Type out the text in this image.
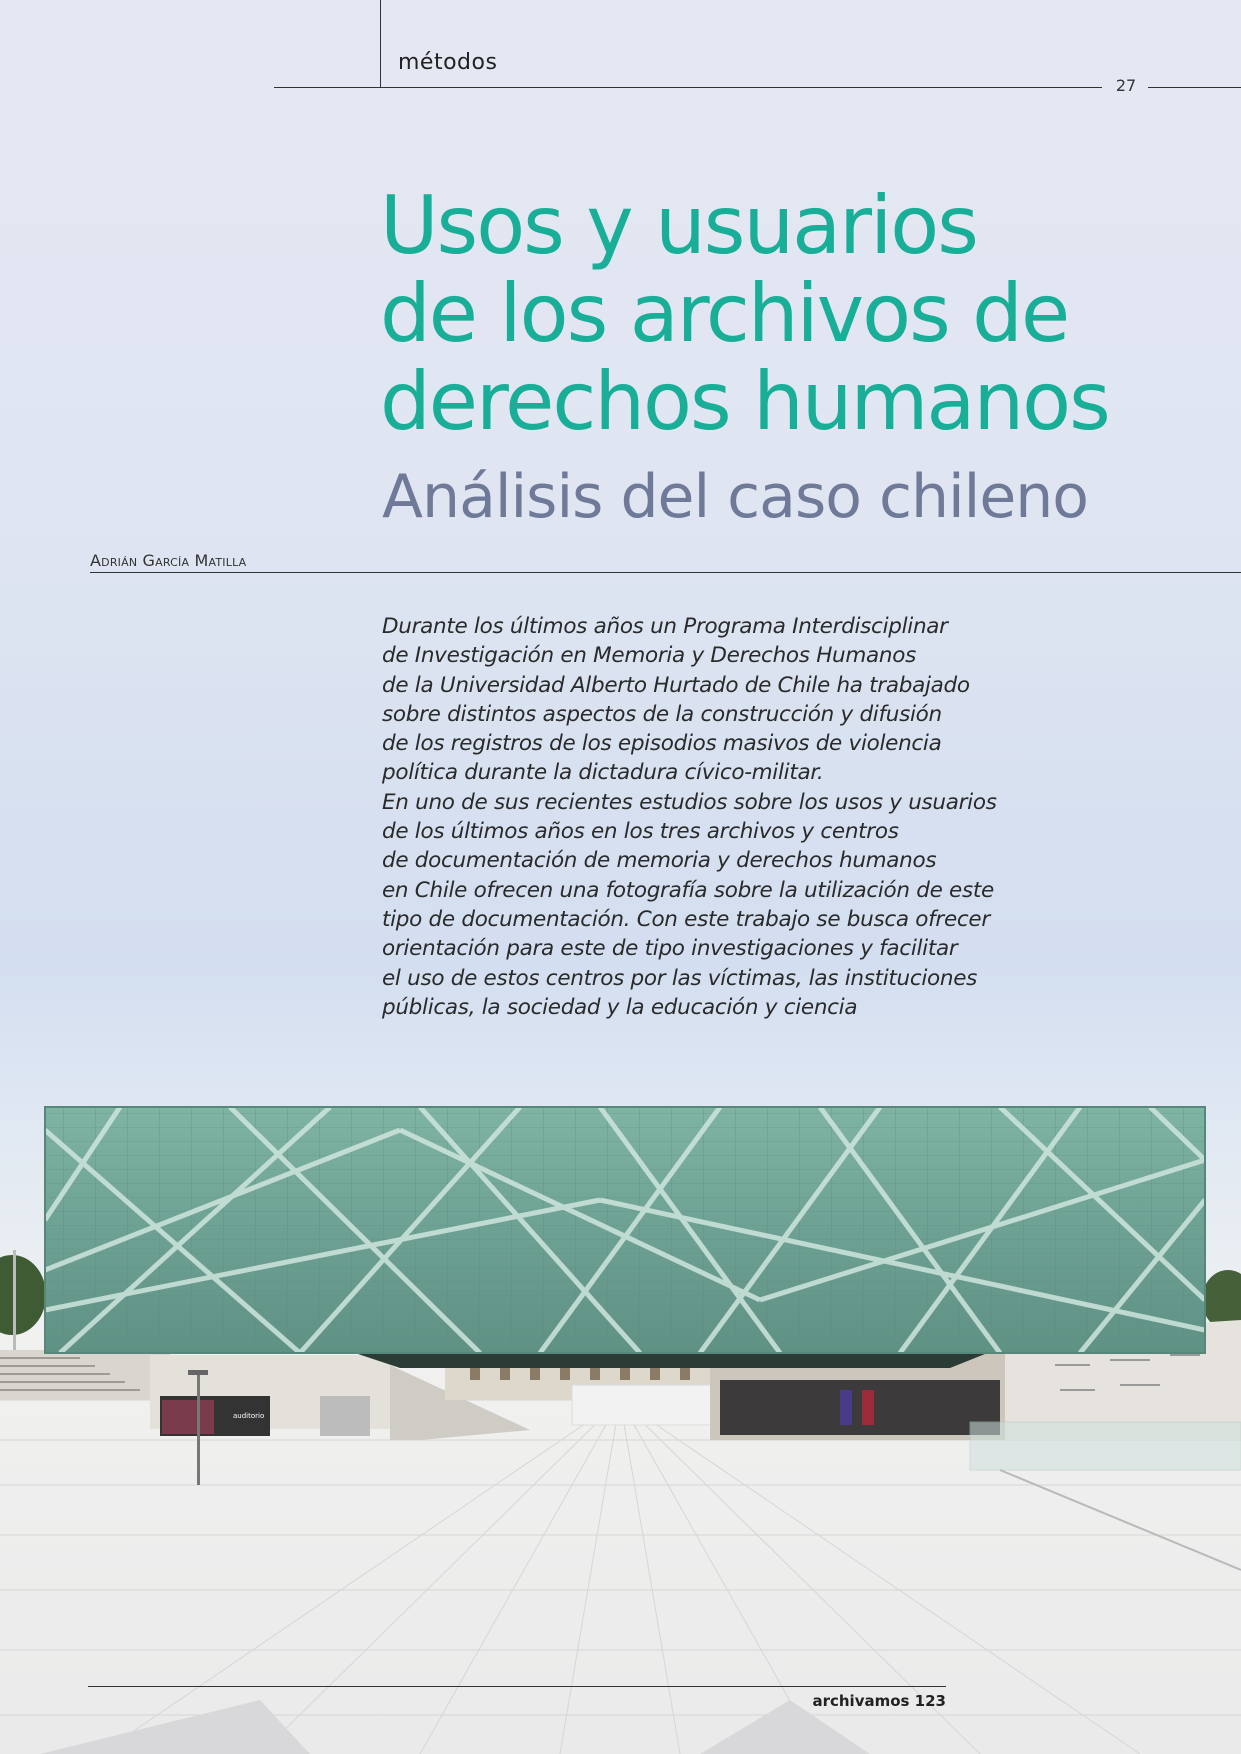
métodos
27
Usos y usuarios
de los archivos de
derechos humanos
Análisis del caso chileno
Adrián García Matilla

Durante los últimos años un Programa Interdisciplinar
de Investigación en Memoria y Derechos Humanos
de la Universidad Alberto Hurtado de Chile ha trabajado
sobre distintos aspectos de la construcción y difusión
de los registros de los episodios masivos de violencia
política durante la dictadura cívico-militar.
En uno de sus recientes estudios sobre los usos y usuarios
de los últimos años en los tres archivos y centros
de documentación de memoria y derechos humanos
en Chile ofrecen una fotografía sobre la utilización de este
tipo de documentación. Con este trabajo se busca ofrecer
orientación para este de tipo investigaciones y facilitar
el uso de estos centros por las víctimas, las instituciones
públicas, la sociedad y la educación y ciencia

auditorio
archivamos 123
